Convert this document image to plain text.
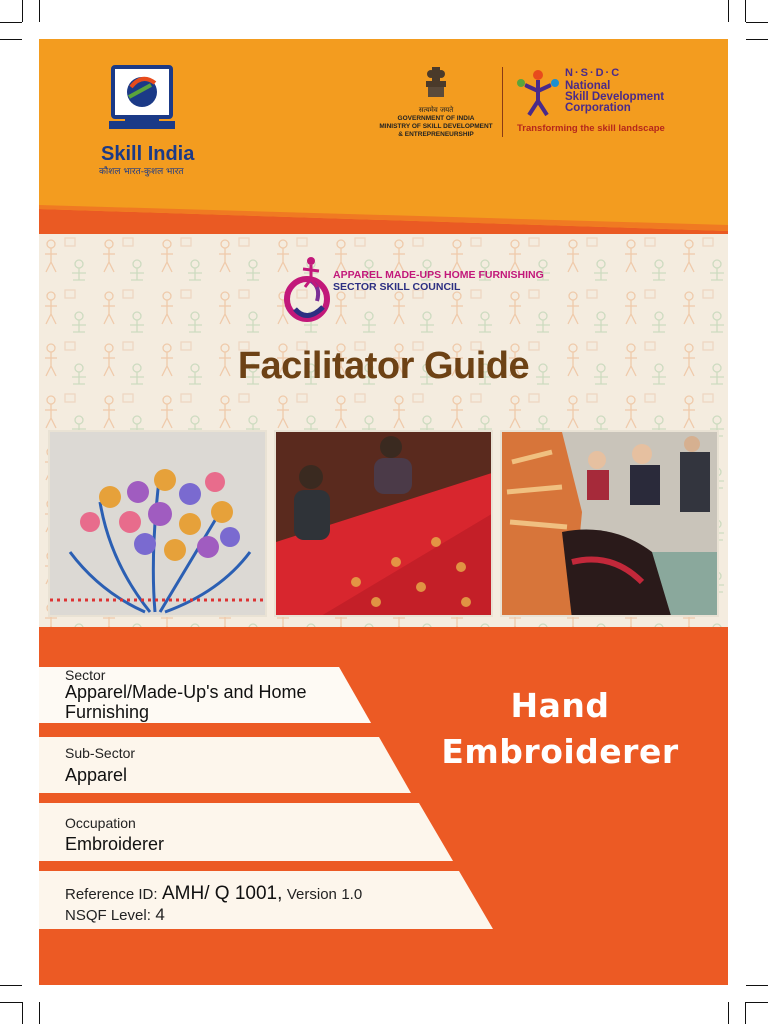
Skill India
कौशल भारत-कुशल भारत
सत्यमेव जयते
GOVERNMENT OF INDIA
MINISTRY OF SKILL DEVELOPMENT
& ENTREPRENEURSHIP
N·S·D·C
National
Skill Development
Corporation
Transforming the skill landscape
APPAREL MADE-UPS HOME FURNISHING
SECTOR SKILL COUNCIL
Facilitator Guide
Sector
Apparel/Made-Up's and Home
Furnishing
Sub-Sector
Apparel
Occupation
Embroiderer
Reference ID: AMH/ Q 1001, Version 1.0
NSQF Level: 4
Hand
Embroiderer
